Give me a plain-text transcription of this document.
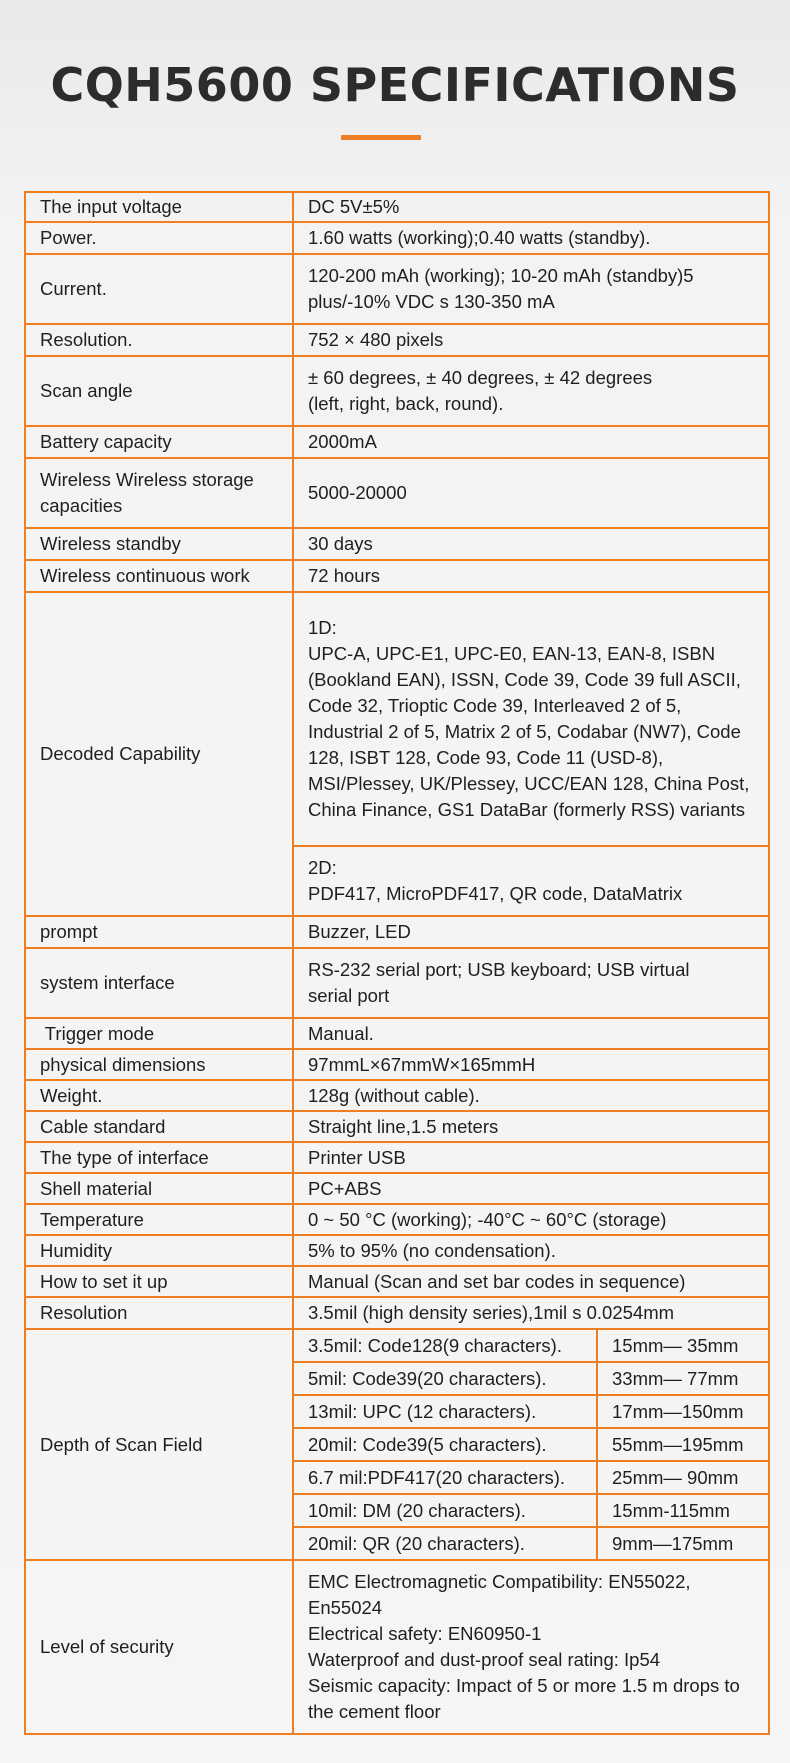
CQH5600 SPECIFICATIONS
The input voltage	DC 5V±5%	
Power.	1.60 watts (working);0.40 watts (standby).	
Current.	120-200 mAh (working); 10-20 mAh (standby)5
plus/-10% VDC s 130-350 mA	

Resolution.	752 × 480 pixels	
Scan angle	± 60 degrees, ± 40 degrees, ± 42 degrees
(left, right, back, round).	

Battery capacity	2000mA	

Wireless Wireless storage
capacities	5000-20000	
Wireless standby	30 days	
Wireless continuous work	72 hours	
Decoded Capability	1D:
UPC-A, UPC-E1, UPC-E0, EAN-13, EAN-8, ISBN (Bookland EAN), ISSN, Code 39, Code 39 full ASCII, Code 32, Trioptic Code 39, Interleaved 2 of 5, Industrial 2 of 5, Matrix 2 of 5, Codabar (NW7), Code 128, ISBT 128, Code 93, Code 11 (USD-8), MSI/Plessey, UK/Plessey, UCC/EAN 128, China Post, China Finance, GS1 DataBar (formerly RSS) variants	

	2D:
PDF417, MicroPDF417, QR code, DataMatrix	

prompt	Buzzer, LED	
system interface	RS-232 serial port; USB keyboard; USB virtual
serial port	

Trigger mode	Manual.	
physical dimensions	97mmL×67mmW×165mmH	
Weight.	128g (without cable).	
Cable standard	Straight line,1.5 meters	
The type of interface	Printer USB	
Shell material	PC+ABS	
Temperature	0 ~ 50 °C (working); -40°C ~ 60°C (storage)	
Humidity	5% to 95% (no condensation).	
How to set it up	Manual (Scan and set bar codes in sequence)	
Resolution	3.5mil (high density series),1mil s 0.0254mm	
Depth of Scan Field	3.5mil: Code128(9 characters).	15mm— 35mm
	5mil: Code39(20 characters).	33mm— 77mm
	13mil: UPC (12 characters).	17mm—150mm
	20mil: Code39(5 characters).	55mm—195mm
	6.7 mil:PDF417(20 characters).	25mm— 90mm
	10mil: DM (20 characters).	15mm-115mm
	20mil: QR (20 characters).	9mm—175mm
Level of security	EMC Electromagnetic Compatibility: EN55022, En55024
Electrical safety: EN60950-1
Waterproof and dust-proof seal rating: Ip54
Seismic capacity: Impact of 5 or more 1.5 m drops to the cement floor	
